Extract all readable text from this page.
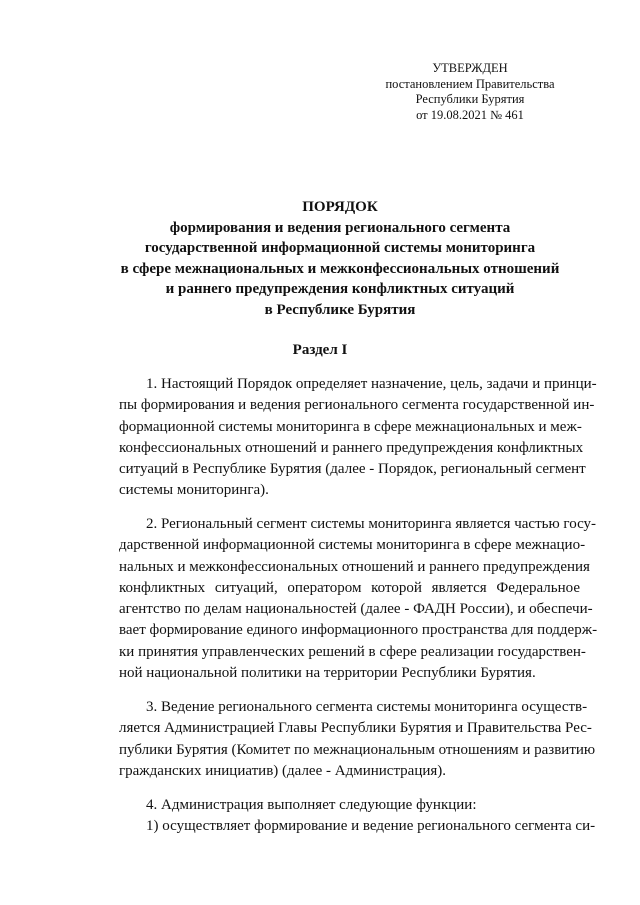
УТВЕРЖДЕН
постановлением Правительства
Республики Бурятия
от 19.08.2021 № 461
ПОРЯДОК
формирования и ведения регионального сегмента
государственной информационной системы мониторинга
в сфере межнациональных и межконфессиональных отношений
и раннего предупреждения конфликтных ситуаций
в Республике Бурятия
Раздел I
1. Настоящий Порядок определяет назначение, цель, задачи и принци-
пы формирования и ведения регионального сегмента государственной ин-
формационной системы мониторинга в сфере межнациональных и меж-
конфессиональных отношений и раннего предупреждения конфликтных
ситуаций в Республике Бурятия (далее - Порядок, региональный сегмент
системы мониторинга).
2. Региональный сегмент системы мониторинга является частью госу-
дарственной информационной системы мониторинга в сфере межнацио-
нальных и межконфессиональных отношений и раннего предупреждения
конфликтных ситуаций, оператором которой является Федеральное
агентство по делам национальностей (далее - ФАДН России), и обеспечи-
вает формирование единого информационного пространства для поддерж-
ки принятия управленческих решений в сфере реализации государствен-
ной национальной политики на территории Республики Бурятия.
3. Ведение регионального сегмента системы мониторинга осуществ-
ляется Администрацией Главы Республики Бурятия и Правительства Рес-
публики Бурятия (Комитет по межнациональным отношениям и развитию
гражданских инициатив) (далее - Администрация).
4. Администрация выполняет следующие функции:
1) осуществляет формирование и ведение регионального сегмента си-
